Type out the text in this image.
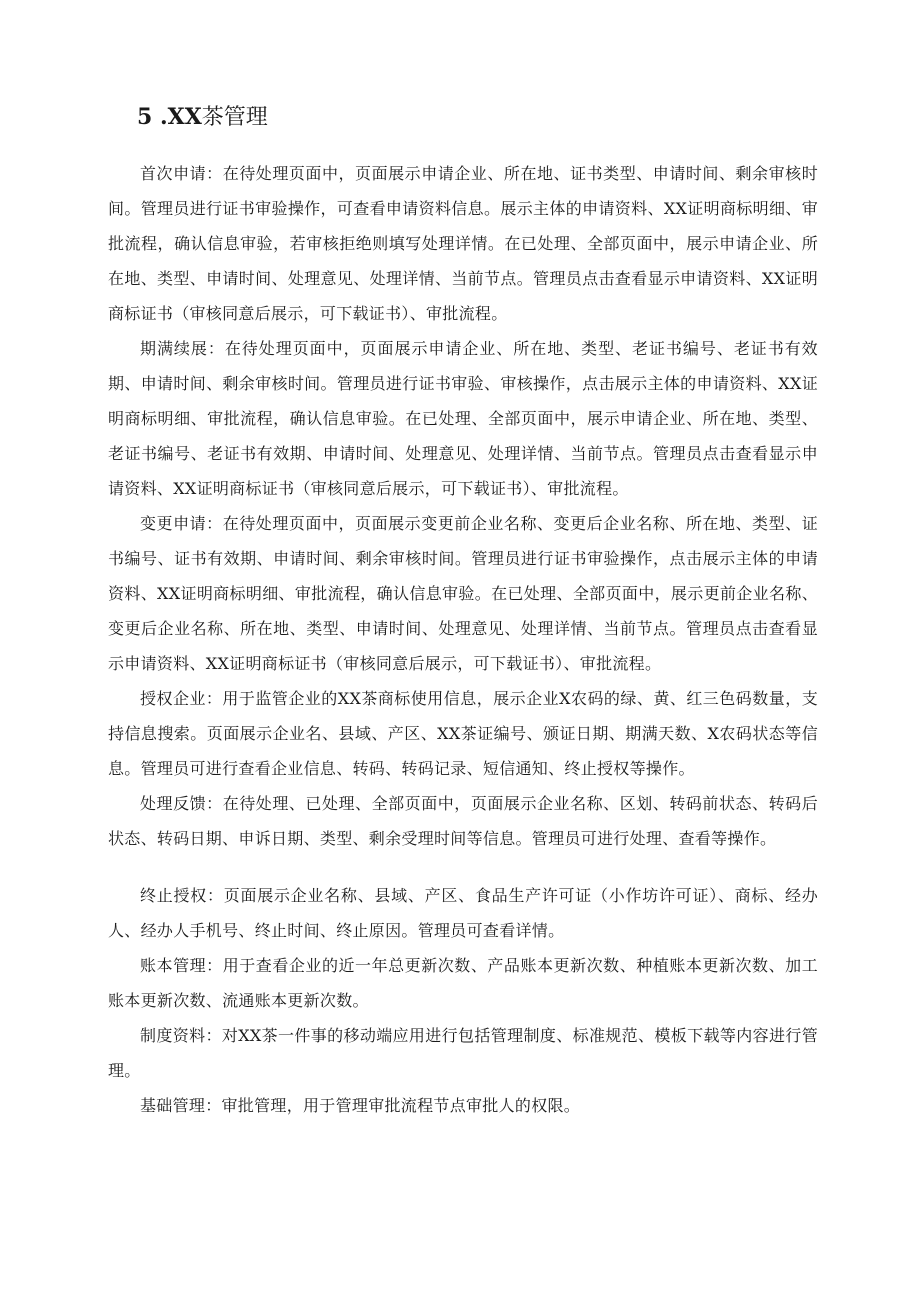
5 .XX茶管理

首次申请：在待处理页面中，页面展示申请企业、所在地、证书类型、申请时间、剩余审核时间。管理员进行证书审验操作，可查看申请资料信息。展示主体的申请资料、XX证明商标明细、审批流程，确认信息审验，若审核拒绝则填写处理详情。在已处理、全部页面中，展示申请企业、所在地、类型、申请时间、处理意见、处理详情、当前节点。管理员点击查看显示申请资料、XX证明商标证书（审核同意后展示，可下载证书）、审批流程。

期满续展：在待处理页面中，页面展示申请企业、所在地、类型、老证书编号、老证书有效期、申请时间、剩余审核时间。管理员进行证书审验、审核操作，点击展示主体的申请资料、XX证明商标明细、审批流程，确认信息审验。在已处理、全部页面中，展示申请企业、所在地、类型、老证书编号、老证书有效期、申请时间、处理意见、处理详情、当前节点。管理员点击查看显示申请资料、XX证明商标证书（审核同意后展示，可下载证书）、审批流程。

变更申请：在待处理页面中，页面展示变更前企业名称、变更后企业名称、所在地、类型、证书编号、证书有效期、申请时间、剩余审核时间。管理员进行证书审验操作，点击展示主体的申请资料、XX证明商标明细、审批流程，确认信息审验。在已处理、全部页面中，展示更前企业名称、变更后企业名称、所在地、类型、申请时间、处理意见、处理详情、当前节点。管理员点击查看显示申请资料、XX证明商标证书（审核同意后展示，可下载证书）、审批流程。

授权企业：用于监管企业的XX茶商标使用信息，展示企业X农码的绿、黄、红三色码数量，支持信息搜索。页面展示企业名、县域、产区、XX茶证编号、颁证日期、期满天数、X农码状态等信息。管理员可进行查看企业信息、转码、转码记录、短信通知、终止授权等操作。

处理反馈：在待处理、已处理、全部页面中，页面展示企业名称、区划、转码前状态、转码后状态、转码日期、申诉日期、类型、剩余受理时间等信息。管理员可进行处理、查看等操作。

终止授权：页面展示企业名称、县域、产区、食品生产许可证（小作坊许可证）、商标、经办人、经办人手机号、终止时间、终止原因。管理员可查看详情。

账本管理：用于查看企业的近一年总更新次数、产品账本更新次数、种植账本更新次数、加工账本更新次数、流通账本更新次数。

制度资料：对XX茶一件事的移动端应用进行包括管理制度、标准规范、模板下载等内容进行管理。

基础管理：审批管理，用于管理审批流程节点审批人的权限。
